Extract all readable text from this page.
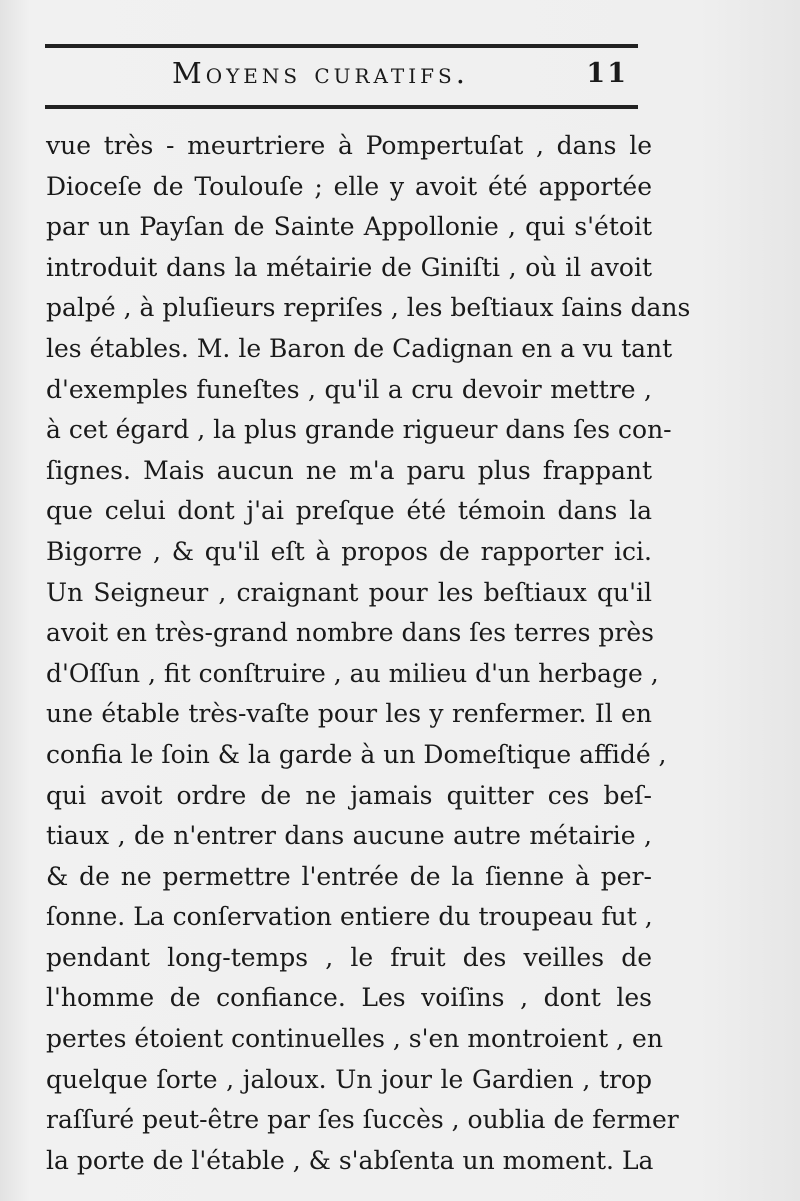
Moyens curatifs.	11
vue très - meurtriere à Pompertuſat , dans le
Dioceſe de Toulouſe ; elle y avoit été apportée
par un Payſan de Sainte Appollonie , qui s'étoit
introduit dans la métairie de Giniſti , où il avoit
palpé , à pluſieurs repriſes , les beſtiaux ſains dans
les étables. M. le Baron de Cadignan en a vu tant
d'exemples funeſtes , qu'il a cru devoir mettre ,
à cet égard , la plus grande rigueur dans ſes con-
ſignes. Mais aucun ne m'a paru plus frappant
que celui dont j'ai preſque été témoin dans la
Bigorre , & qu'il eſt à propos de rapporter ici.
Un Seigneur , craignant pour les beſtiaux qu'il
avoit en très-grand nombre dans ſes terres près
d'Oſſun , fit conſtruire , au milieu d'un herbage ,
une étable très-vaſte pour les y renfermer. Il en
confia le ſoin & la garde à un Domeſtique affidé ,
qui avoit ordre de ne jamais quitter ces beſ-
tiaux , de n'entrer dans aucune autre métairie ,
& de ne permettre l'entrée de la ſienne à per-
ſonne. La conſervation entiere du troupeau fut ,
pendant long-temps , le fruit des veilles de
l'homme de confiance. Les voiſins , dont les
pertes étoient continuelles , s'en montroient , en
quelque ſorte , jaloux. Un jour le Gardien , trop
raſſuré peut-être par ſes ſuccès , oublia de fermer
la porte de l'étable , & s'abſenta un moment. La
